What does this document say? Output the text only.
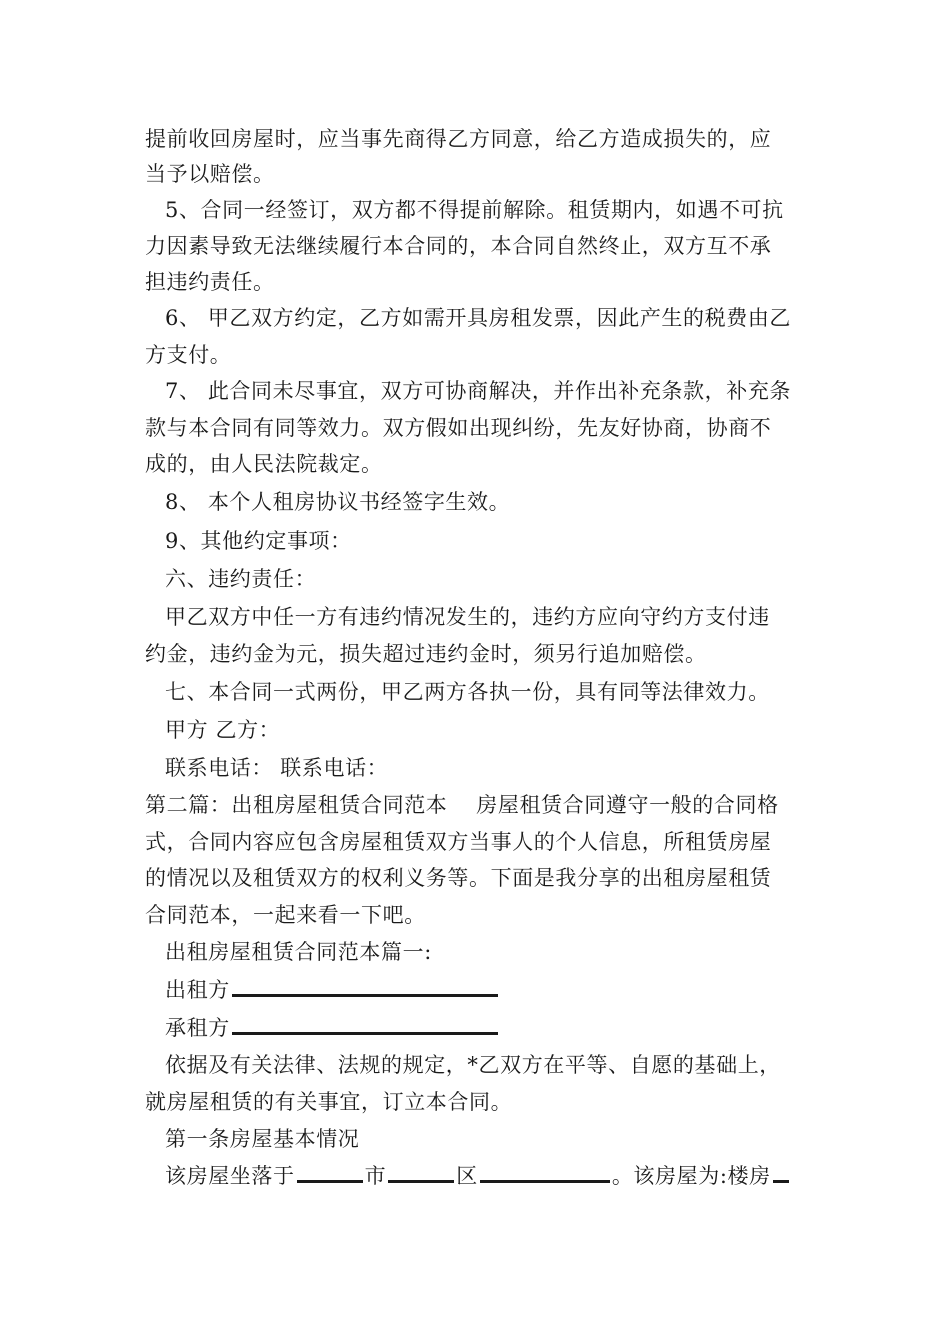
提前收回房屋时，应当事先商得乙方同意，给乙方造成损失的，应
当予以赔偿。
5、合同一经签订，双方都不得提前解除。租赁期内，如遇不可抗
力因素导致无法继续履行本合同的，本合同自然终止，双方互不承
担违约责任。
6、 甲乙双方约定，乙方如需开具房租发票，因此产生的税费由乙
方支付。
7、 此合同未尽事宜，双方可协商解决，并作出补充条款，补充条
款与本合同有同等效力。双方假如出现纠纷，先友好协商，协商不
成的，由人民法院裁定。
8、 本个人租房协议书经签字生效。
9、其他约定事项：
六、违约责任：
甲乙双方中任一方有违约情况发生的，违约方应向守约方支付违
约金，违约金为元，损失超过违约金时，须另行追加赔偿。
七、本合同一式两份，甲乙两方各执一份，具有同等法律效力。
甲方 乙方：
联系电话： 联系电话：
第二篇：出租房屋租赁合同范本　 房屋租赁合同遵守一般的合同格
式，合同内容应包含房屋租赁双方当事人的个人信息，所租赁房屋
的情况以及租赁双方的权利义务等。下面是我分享的出租房屋租赁
合同范本，一起来看一下吧。
出租房屋租赁合同范本篇一:
出租方
承租方
依据及有关法律、法规的规定，*乙双方在平等、自愿的基础上，
就房屋租赁的有关事宜，订立本合同。
第一条房屋基本情况
该房屋坐落于	市	区	。该房屋为:楼房
